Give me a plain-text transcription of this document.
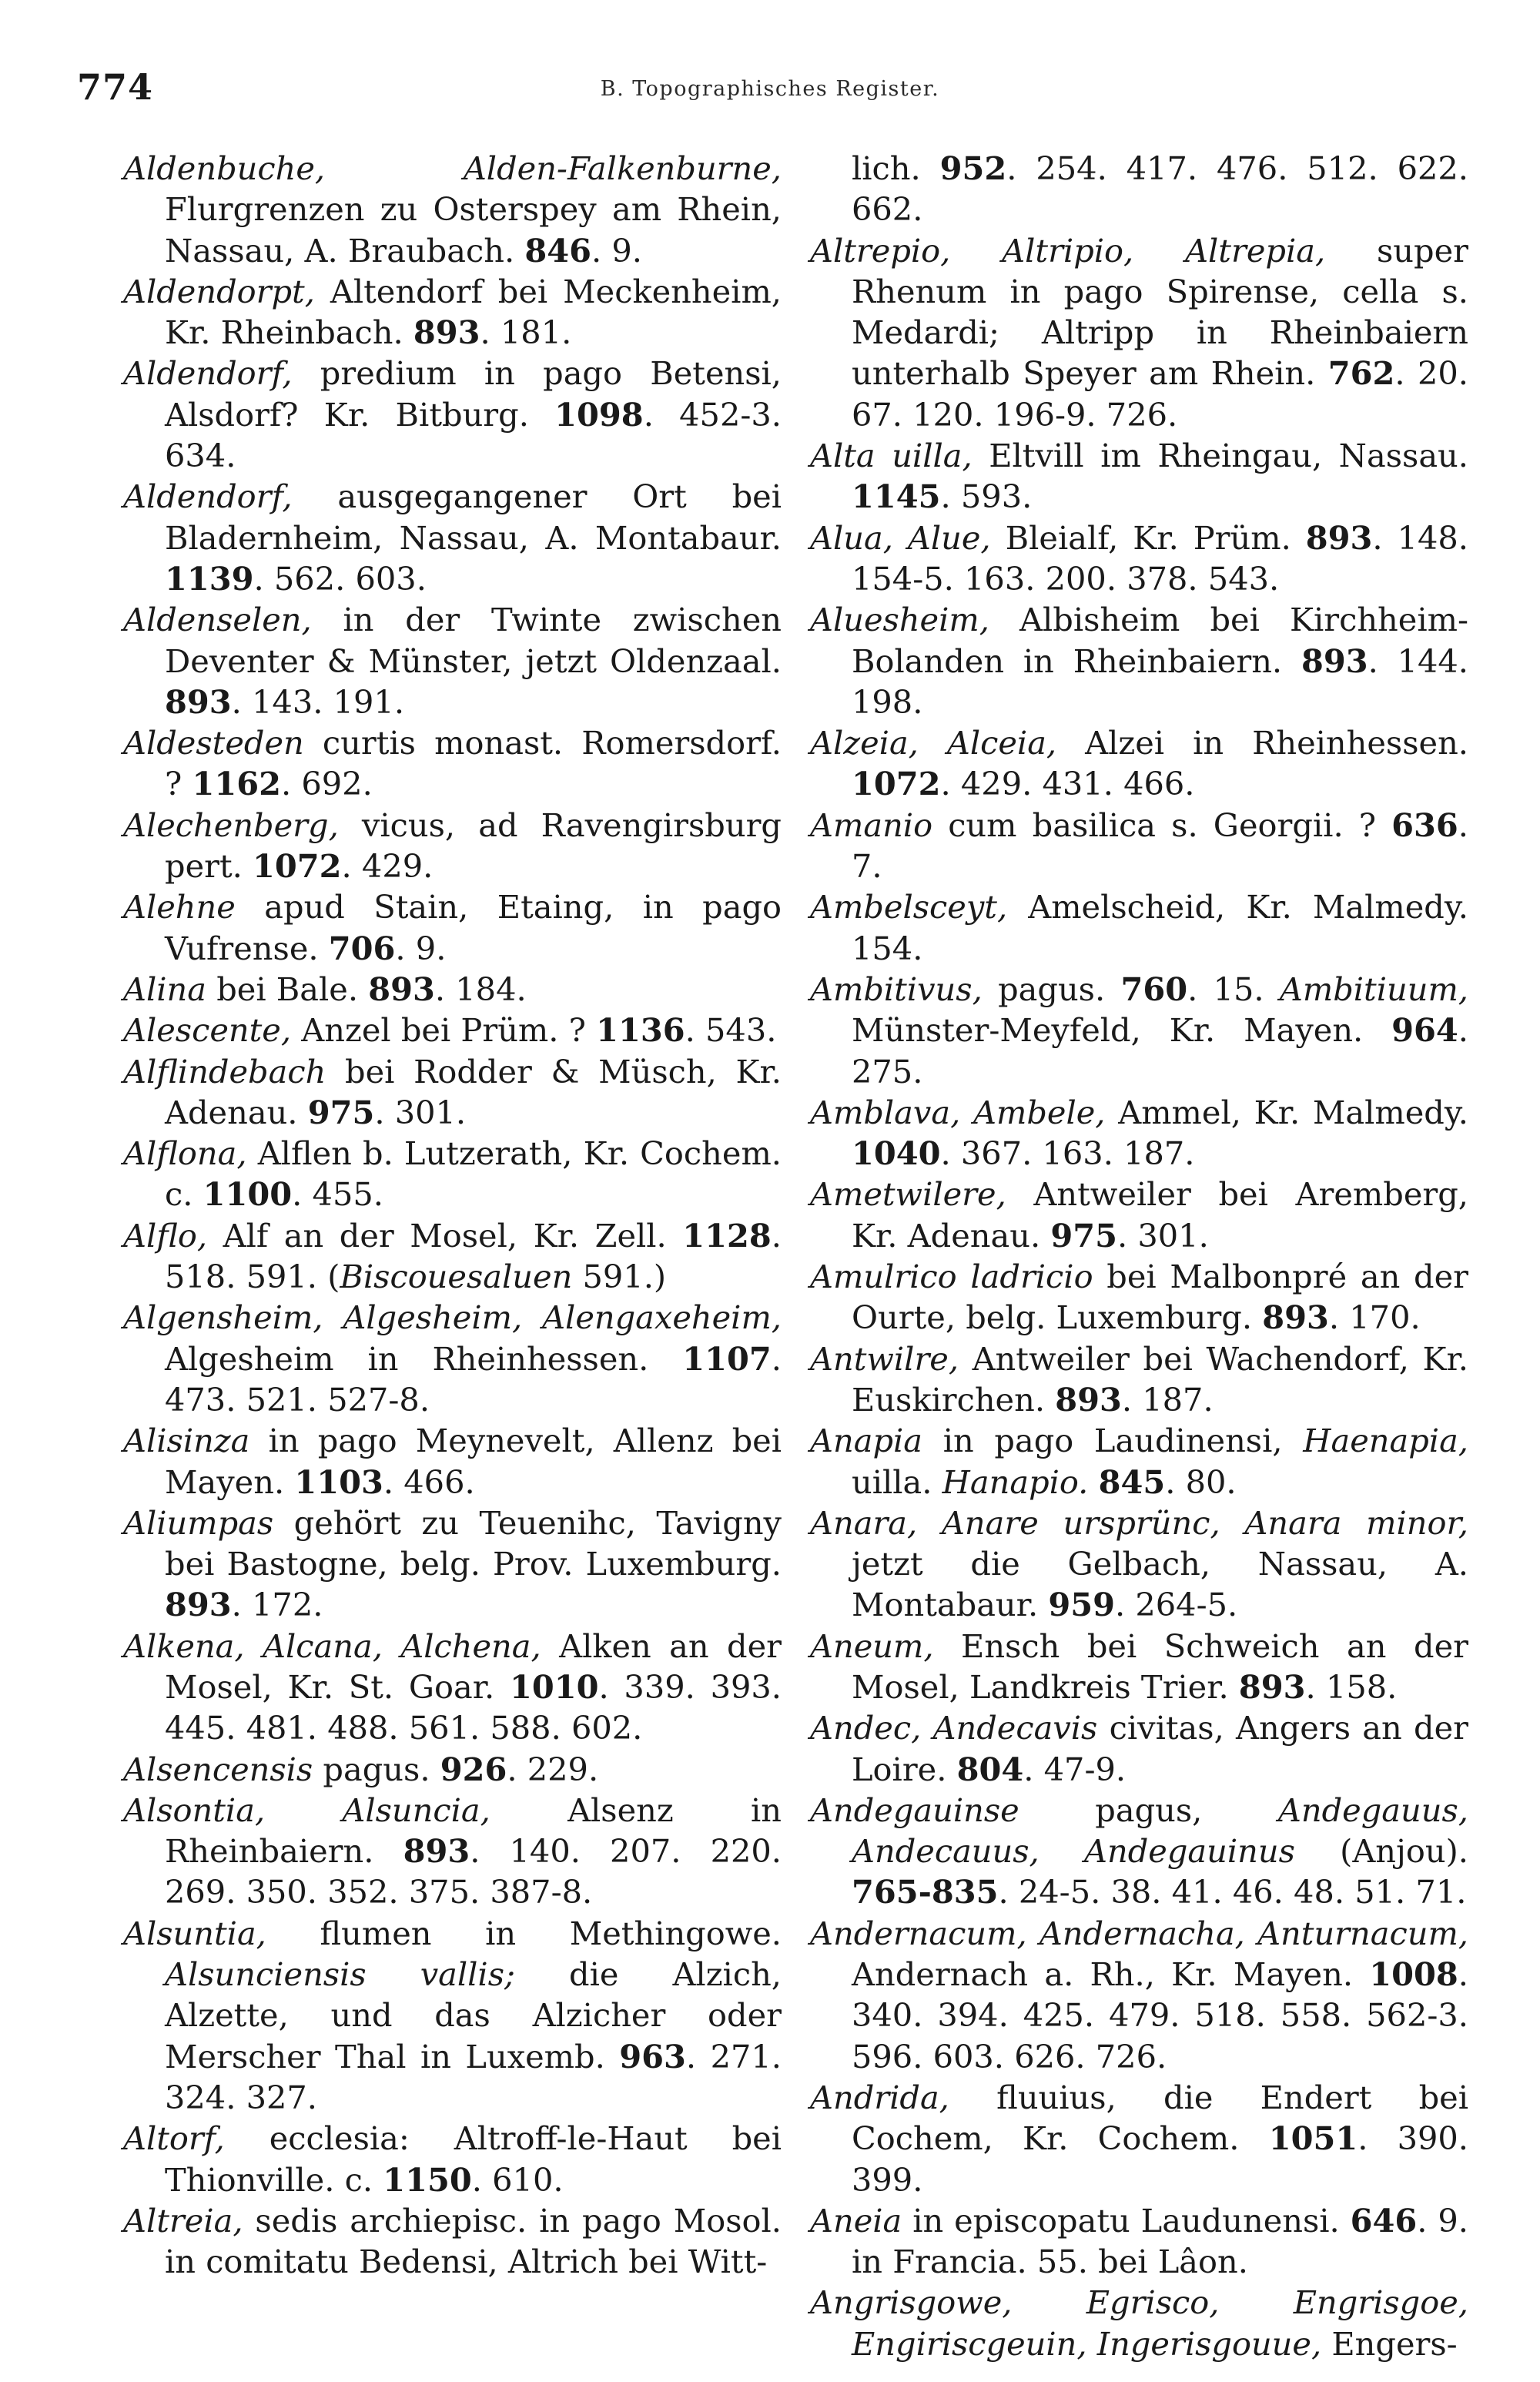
774	B. Topographisches Register.

Aldenbuche, Alden-Falkenburne, Flurgrenzen zu Osterspey am Rhein, Nassau, A. Braubach. 846. 9.

Aldendorpt, Altendorf bei Meckenheim, Kr. Rheinbach. 893. 181.

Aldendorf, predium in pago Betensi, Alsdorf? Kr. Bitburg. 1098. 452-3. 634.

Aldendorf, ausgegangener Ort bei Bladernheim, Nassau, A. Montabaur. 1139. 562. 603.

Aldenselen, in der Twinte zwischen Deventer & Münster, jetzt Oldenzaal. 893. 143. 191.

Aldesteden curtis monast. Romersdorf. ? 1162. 692.

Alechenberg, vicus, ad Ravengirsburg pert. 1072. 429.

Alehne apud Stain, Etaing, in pago Vufrense. 706. 9.

Alina bei Bale. 893. 184.

Alescente, Anzel bei Prüm. ? 1136. 543.

Alflindebach bei Rodder & Müsch, Kr. Adenau. 975. 301.

Alflona, Alflen b. Lutzerath, Kr. Cochem. c. 1100. 455.

Alflo, Alf an der Mosel, Kr. Zell. 1128. 518. 591. (Biscouesaluen 591.)

Algensheim, Algesheim, Alengaxeheim, Algesheim in Rheinhessen. 1107. 473. 521. 527-8.

Alisinza in pago Meynevelt, Allenz bei Mayen. 1103. 466.

Aliumpas gehört zu Teuenihc, Tavigny bei Bastogne, belg. Prov. Luxemburg. 893. 172.

Alkena, Alcana, Alchena, Alken an der Mosel, Kr. St. Goar. 1010. 339. 393. 445. 481. 488. 561. 588. 602.

Alsencensis pagus. 926. 229.

Alsontia, Alsuncia, Alsenz in Rheinbaiern. 893. 140. 207. 220. 269. 350. 352. 375. 387-8.

Alsuntia, flumen in Methingowe. Alsunciensis vallis; die Alzich, Alzette, und das Alzicher oder Merscher Thal in Luxemb. 963. 271. 324. 327.

Altorf, ecclesia: Altroff-le-Haut bei Thionville. c. 1150. 610.

Altreia, sedis archiepisc. in pago Mosol. in comitatu Bedensi, Altrich bei Witt-

lich. 952. 254. 417. 476. 512. 622. 662.

Altrepio, Altripio, Altrepia, super Rhenum in pago Spirense, cella s. Medardi; Altripp in Rheinbaiern unterhalb Speyer am Rhein. 762. 20. 67. 120. 196-9. 726.

Alta uilla, Eltvill im Rheingau, Nassau. 1145. 593.

Alua, Alue, Bleialf, Kr. Prüm. 893. 148. 154-5. 163. 200. 378. 543.

Aluesheim, Albisheim bei Kirchheim-Bolanden in Rheinbaiern. 893. 144. 198.

Alzeia, Alceia, Alzei in Rheinhessen. 1072. 429. 431. 466.

Amanio cum basilica s. Georgii. ? 636. 7.

Ambelsceyt, Amelscheid, Kr. Malmedy. 154.

Ambitivus, pagus. 760. 15. Ambitiuum, Münster-Meyfeld, Kr. Mayen. 964. 275.

Amblava, Ambele, Ammel, Kr. Malmedy. 1040. 367. 163. 187.

Ametwilere, Antweiler bei Aremberg, Kr. Adenau. 975. 301.

Amulrico ladricio bei Malbonpré an der Ourte, belg. Luxemburg. 893. 170.

Antwilre, Antweiler bei Wachendorf, Kr. Euskirchen. 893. 187.

Anapia in pago Laudinensi, Haenapia, uilla. Hanapio. 845. 80.

Anara, Anare ursprünc, Anara minor, jetzt die Gelbach, Nassau, A. Montabaur. 959. 264-5.

Aneum, Ensch bei Schweich an der Mosel, Landkreis Trier. 893. 158.

Andec, Andecavis civitas, Angers an der Loire. 804. 47-9.

Andegauinse pagus, Andegauus, Andecauus, Andegauinus (Anjou). 765-835. 24-5. 38. 41. 46. 48. 51. 71.

Andernacum, Andernacha, Anturnacum, Andernach a. Rh., Kr. Mayen. 1008. 340. 394. 425. 479. 518. 558. 562-3. 596. 603. 626. 726.

Andrida, fluuius, die Endert bei Cochem, Kr. Cochem. 1051. 390. 399.

Aneia in episcopatu Laudunensi. 646. 9. in Francia. 55. bei Lâon.

Angrisgowe, Egrisco, Engrisgoe, Engiriscgeuin, Ingerisgouue, Engers-
